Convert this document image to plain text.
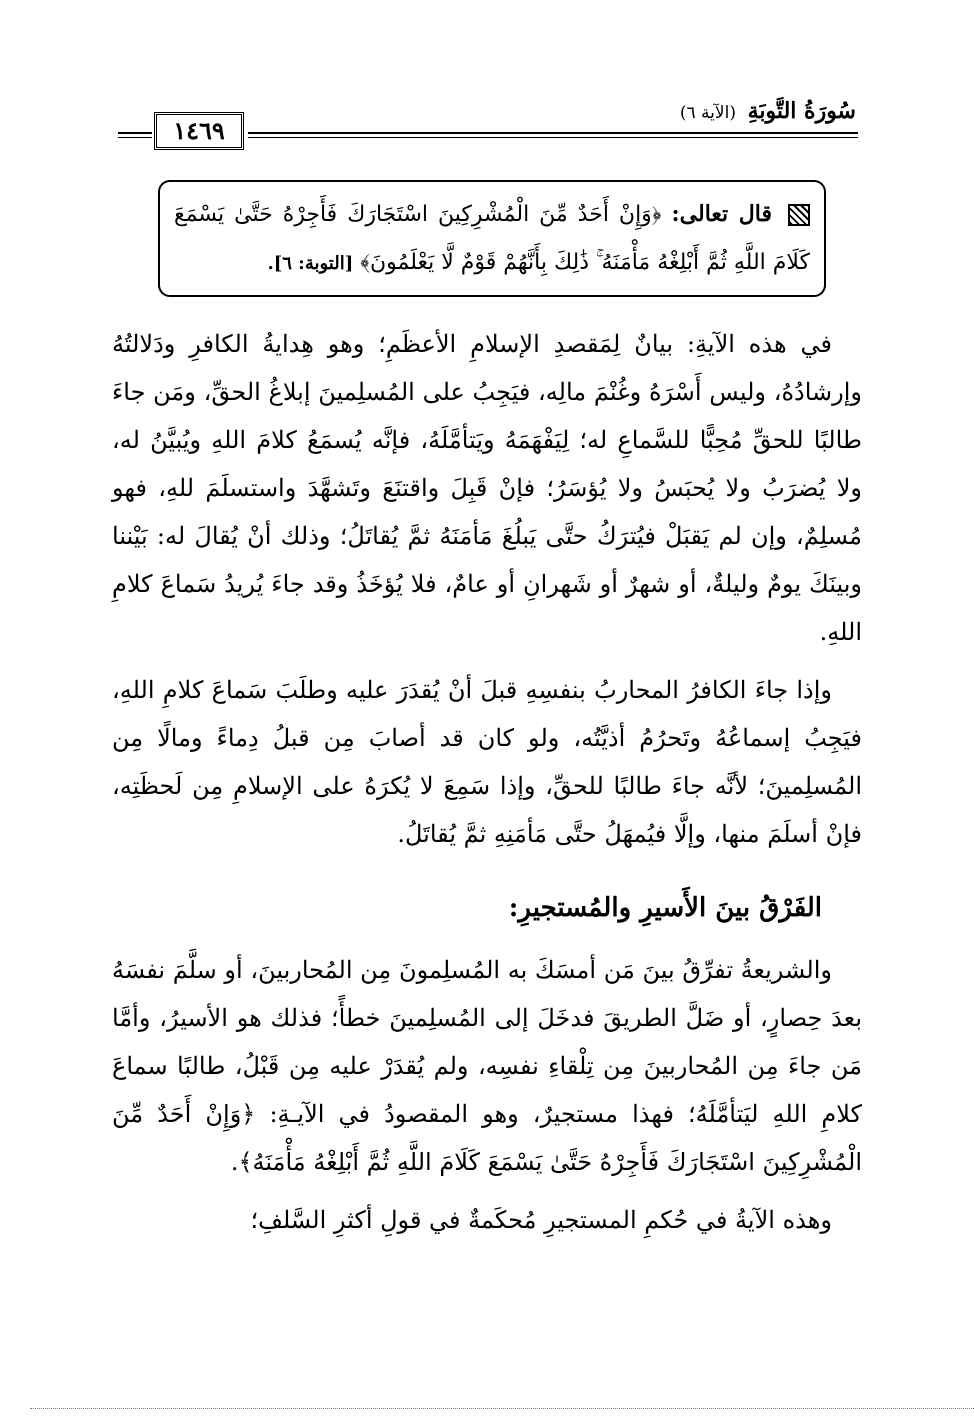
سُورَةُ التَّوبَةِ (الآية ٦)
١٤٦٩
قال تعالى: ﴿وَإِنْ أَحَدٌ مِّنَ الْمُشْرِكِينَ اسْتَجَارَكَ فَأَجِرْهُ حَتَّىٰ يَسْمَعَ كَلَامَ اللَّهِ ثُمَّ أَبْلِغْهُ مَأْمَنَهُ ۚ ذَٰلِكَ بِأَنَّهُمْ قَوْمٌ لَّا يَعْلَمُونَ﴾ [التوبة: ٦].

في هذه الآيةِ: بيانٌ لِمَقصدِ الإسلامِ الأعظَمِ؛ وهو هِدايةُ الكافرِ ودَلالتُهُ وإرشادُهُ، وليس أَسْرَهُ وغُنْمَ مالِه، فيَجِبُ على المُسلِمينَ إبلاغُ الحقِّ، ومَن جاءَ طالبًا للحقِّ مُحِبًّا للسَّماعِ له؛ لِيَفْهَمَهُ ويَتأمَّلَهُ، فإنَّه يُسمَعُ كلامَ اللهِ ويُبيَّنُ له، ولا يُضرَبُ ولا يُحبَسُ ولا يُؤسَرُ؛ فإنْ قَبِلَ واقتنَعَ وتَشهَّدَ واستسلَمَ للهِ، فهو مُسلِمٌ، وإن لم يَقبَلْ فيُترَكُ حتَّى يَبلُغَ مَأمَنَهُ ثمَّ يُقاتَلُ؛ وذلك أنْ يُقالَ له: بَيْننا وبينَكَ يومٌ وليلةٌ، أو شهرٌ أو شَهرانِ أو عامٌ، فلا يُؤخَذُ وقد جاءَ يُريدُ سَماعَ كلامِ اللهِ.

وإذا جاءَ الكافرُ المحاربُ بنفسِهِ قبلَ أنْ يُقدَرَ عليه وطلَبَ سَماعَ كلامِ اللهِ، فيَجِبُ إسماعُهُ وتَحرُمُ أذيَّتُه، ولو كان قد أصابَ مِن قبلُ دِماءً ومالًا مِن المُسلِمينَ؛ لأنَّه جاءَ طالبًا للحقِّ، وإذا سَمِعَ لا يُكرَهُ على الإسلامِ مِن لَحظَتِه، فإنْ أسلَمَ منها، وإلَّا فيُمهَلُ حتَّى مَأمَنِهِ ثمَّ يُقاتَلُ.

الفَرْقُ بينَ الأَسيرِ والمُستجيرِ:

والشريعةُ تفرِّقُ بينَ مَن أمسَكَ به المُسلِمونَ مِن المُحاربينَ، أو سلَّمَ نفسَهُ بعدَ حِصارٍ، أو ضَلَّ الطريقَ فدخَلَ إلى المُسلِمينَ خطأً؛ فذلك هو الأسيرُ، وأمَّا مَن جاءَ مِن المُحاربينَ مِن تِلْقاءِ نفسِه، ولم يُقدَرْ عليه مِن قَبْلُ، طالبًا سماعَ كلامِ اللهِ ليَتأمَّلَهُ؛ فهذا مستجيرٌ، وهو المقصودُ في الآيـةِ: ﴿وَإِنْ أَحَدٌ مِّنَ الْمُشْرِكِينَ اسْتَجَارَكَ فَأَجِرْهُ حَتَّىٰ يَسْمَعَ كَلَامَ اللَّهِ ثُمَّ أَبْلِغْهُ مَأْمَنَهُ﴾.

وهذه الآيةُ في حُكمِ المستجيرِ مُحكَمةٌ في قولِ أكثرِ السَّلفِ؛
